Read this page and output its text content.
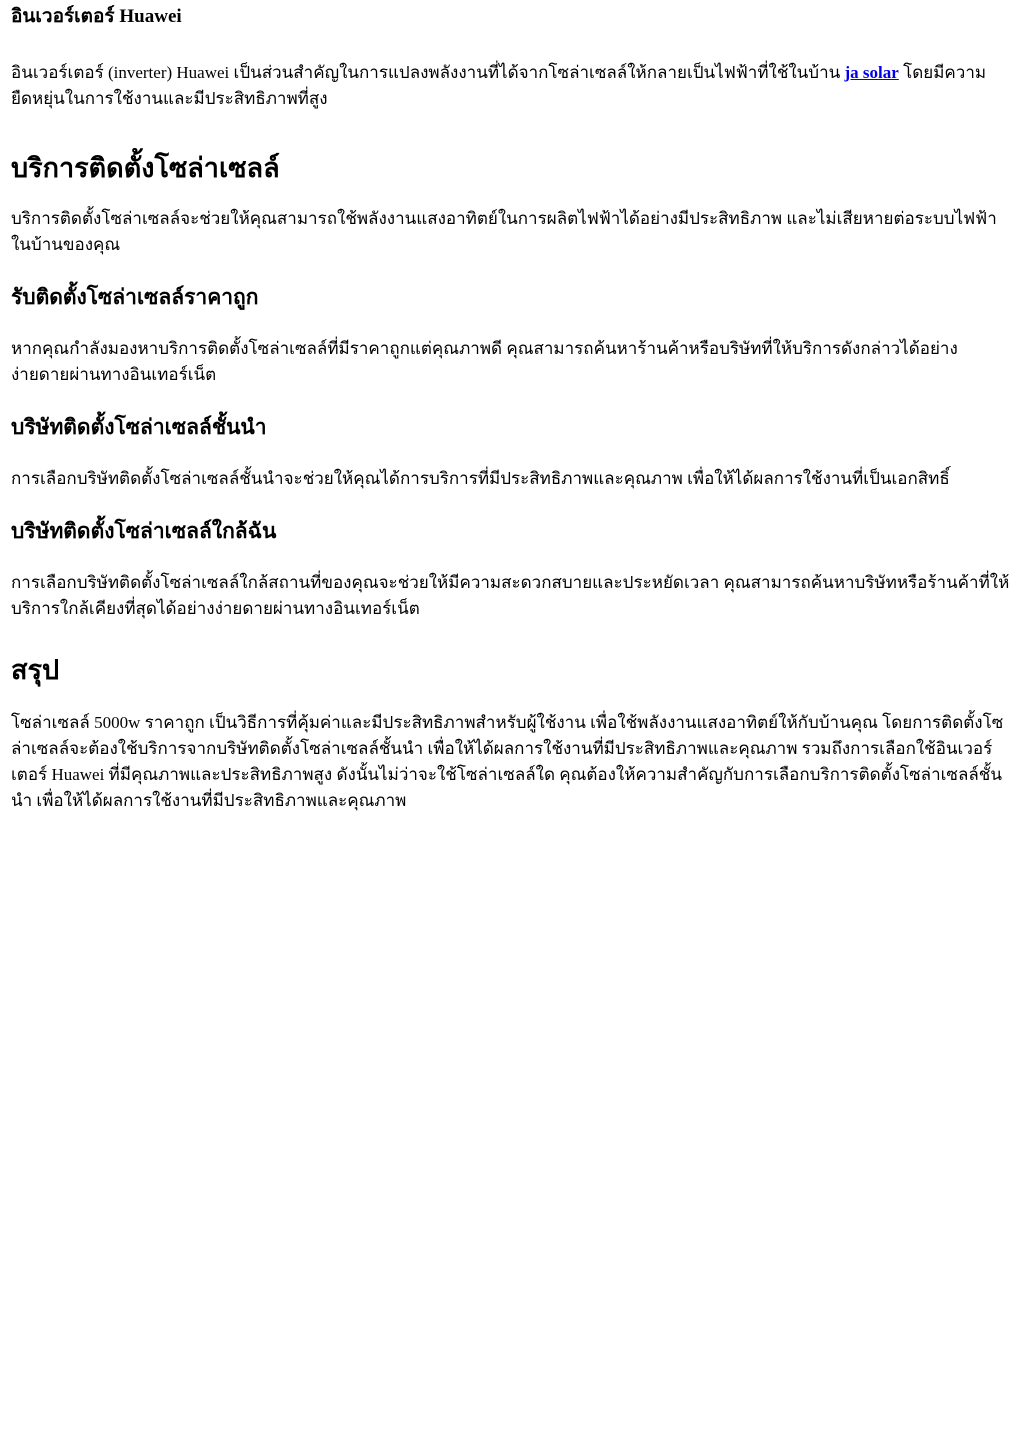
อินเวอร์เตอร์ Huawei

อินเวอร์เตอร์ (inverter) Huawei เป็นส่วนสำคัญในการแปลงพลังงานที่ได้จากโซล่าเซลล์ให้กลายเป็นไฟฟ้าที่ใช้ในบ้าน ja solar โดยมีความยืดหยุ่นในการใช้งานและมีประสิทธิภาพที่สูง

บริการติดตั้งโซล่าเซลล์

บริการติดตั้งโซล่าเซลล์จะช่วยให้คุณสามารถใช้พลังงานแสงอาทิตย์ในการผลิตไฟฟ้าได้อย่างมีประสิทธิภาพ และไม่เสียหายต่อระบบไฟฟ้าในบ้านของคุณ

รับติดตั้งโซล่าเซลล์ราคาถูก

หากคุณกำลังมองหาบริการติดตั้งโซล่าเซลล์ที่มีราคาถูกแต่คุณภาพดี คุณสามารถค้นหาร้านค้าหรือบริษัทที่ให้บริการดังกล่าวได้อย่างง่ายดายผ่านทางอินเทอร์เน็ต

บริษัทติดตั้งโซล่าเซลล์ชั้นนำ

การเลือกบริษัทติดตั้งโซล่าเซลล์ชั้นนำจะช่วยให้คุณได้การบริการที่มีประสิทธิภาพและคุณภาพ เพื่อให้ได้ผลการใช้งานที่เป็นเอกสิทธิ์

บริษัทติดตั้งโซล่าเซลล์ใกล้ฉัน

การเลือกบริษัทติดตั้งโซล่าเซลล์ใกล้สถานที่ของคุณจะช่วยให้มีความสะดวกสบายและประหยัดเวลา คุณสามารถค้นหาบริษัทหรือร้านค้าที่ให้บริการใกล้เคียงที่สุดได้อย่างง่ายดายผ่านทางอินเทอร์เน็ต

สรุป

โซล่าเซลล์ 5000w ราคาถูก เป็นวิธีการที่คุ้มค่าและมีประสิทธิภาพสำหรับผู้ใช้งาน เพื่อใช้พลังงานแสงอาทิตย์ให้กับบ้านคุณ โดยการติดตั้งโซล่าเซลล์จะต้องใช้บริการจากบริษัทติดตั้งโซล่าเซลล์ชั้นนำ เพื่อให้ได้ผลการใช้งานที่มีประสิทธิภาพและคุณภาพ รวมถึงการเลือกใช้อินเวอร์เตอร์ Huawei ที่มีคุณภาพและประสิทธิภาพสูง ดังนั้นไม่ว่าจะใช้โซล่าเซลล์ใด คุณต้องให้ความสำคัญกับการเลือกบริการติดตั้งโซล่าเซลล์ชั้นนำ เพื่อให้ได้ผลการใช้งานที่มีประสิทธิภาพและคุณภาพ
